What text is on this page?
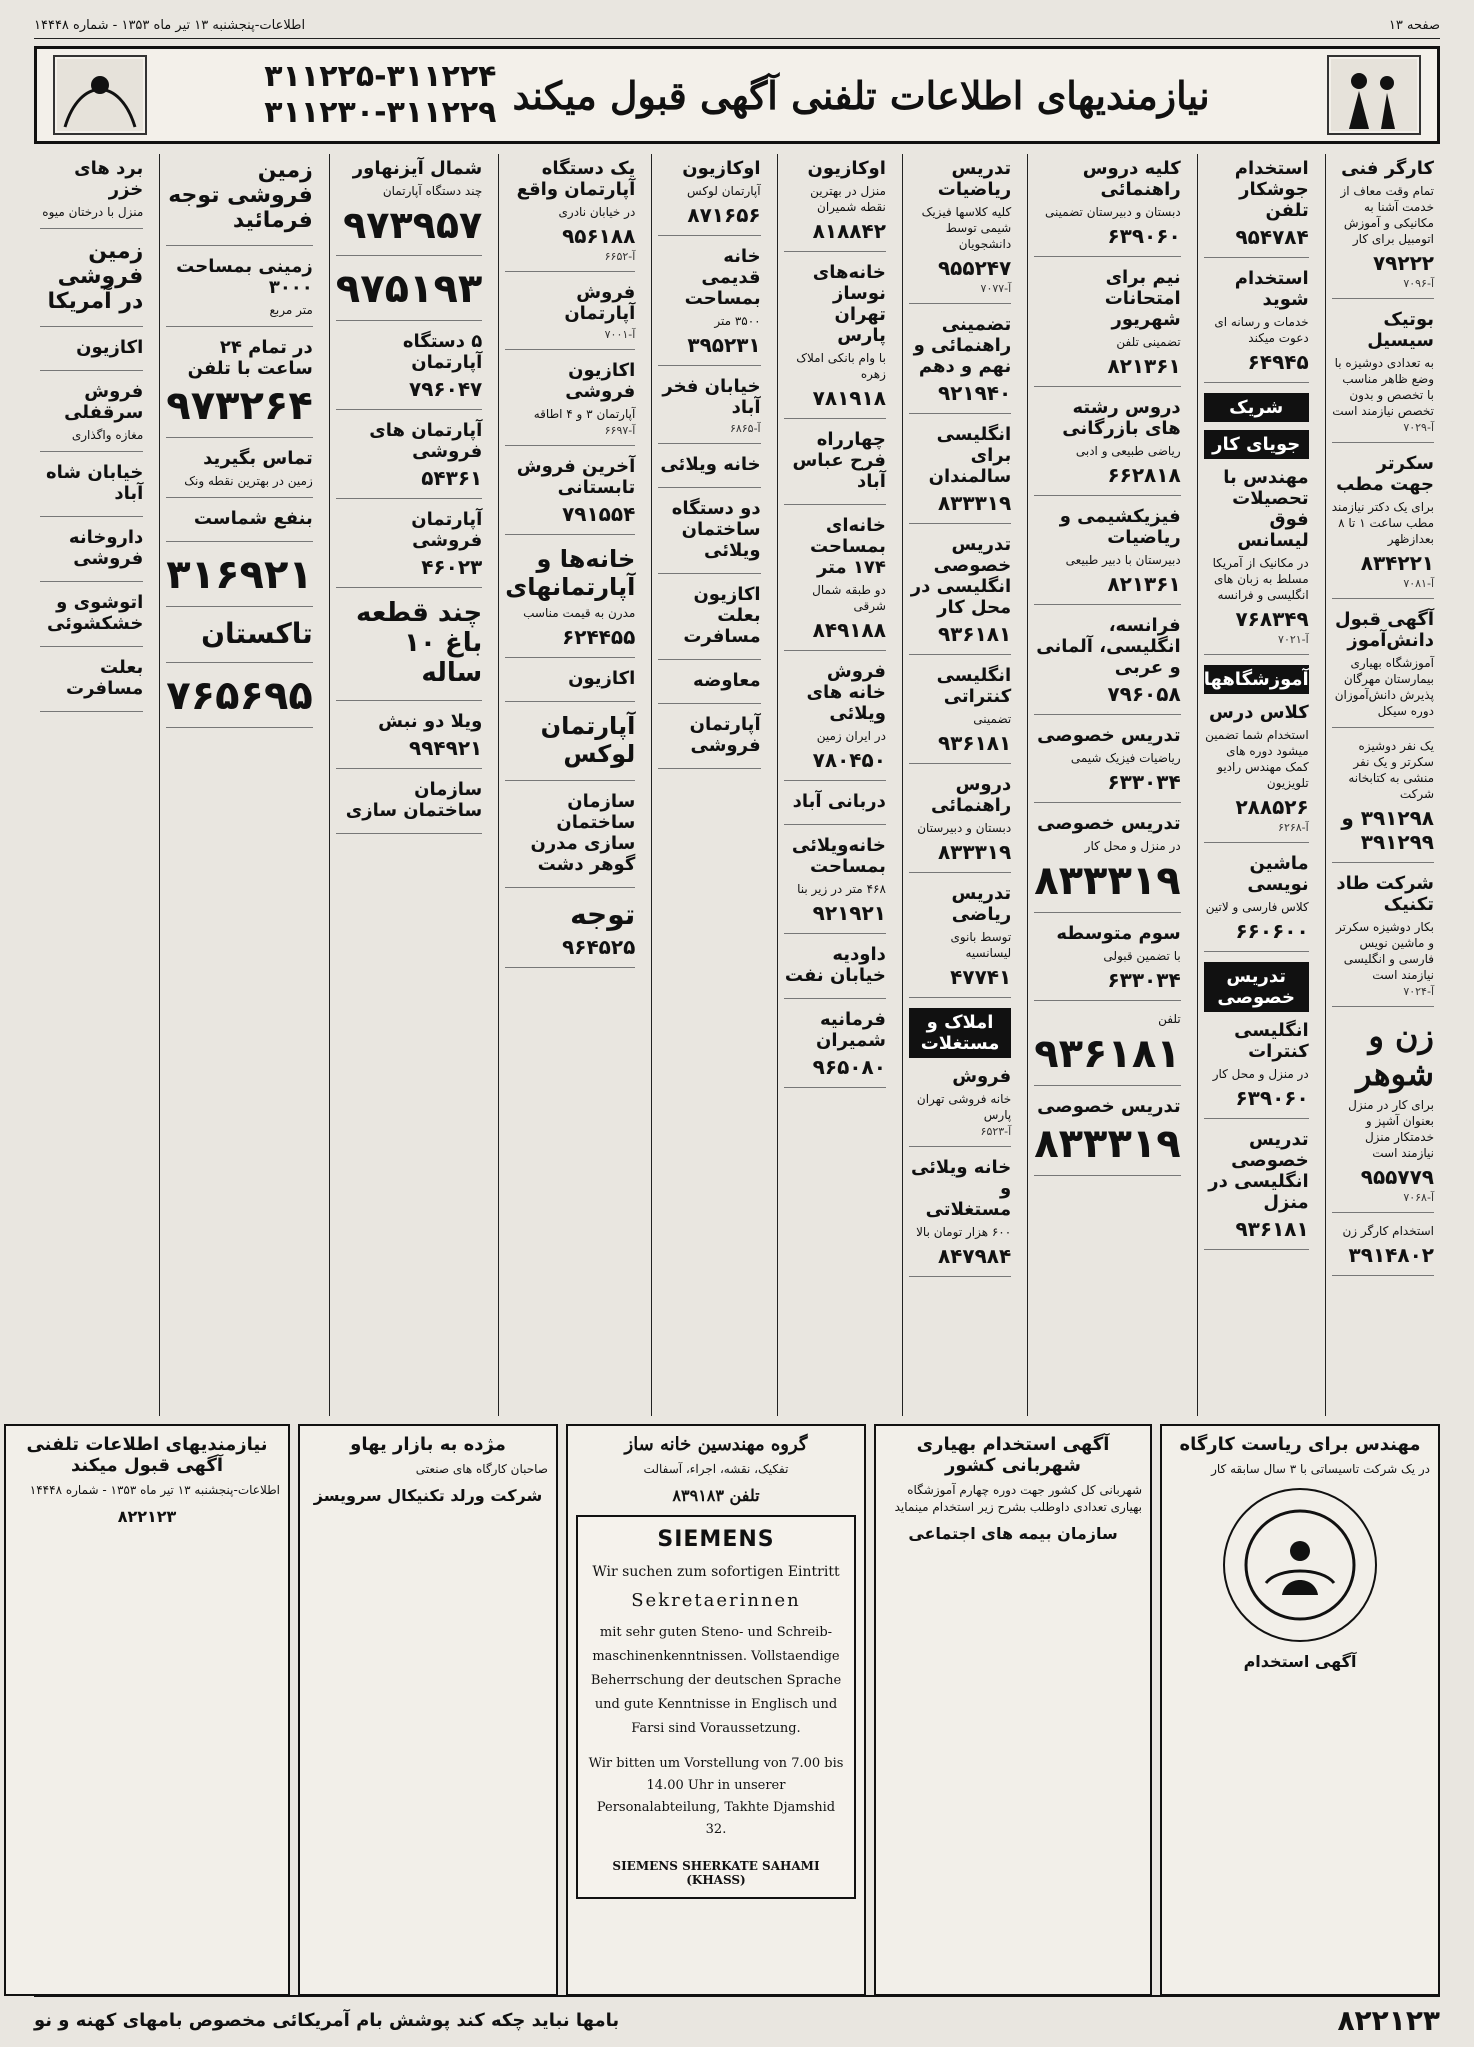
صفحه ۱۳
اطلاعات-پنجشنبه ۱۳ تیر ماه ۱۳۵۳ - شماره ۱۴۴۴۸
نیازمندیهای اطلاعات تلفنی آگهی قبول میکند
۳۱۱۲۲۵-۳۱۱۲۲۴
۳۱۱۲۳۰-۳۱۱۲۲۹
کارگر فنی
تمام وقت معاف از خدمت آشنا به مکانیکی و آموزش اتومبیل برای کار
۷۹۲۲۲
آ-۷۰۹۶
بوتیک سیسیل
به تعدادی دوشیزه با وضع ظاهر مناسب با تخصص و بدون تخصص نیازمند است
آ-۷۰۲۹
سکرتر جهت مطب
برای یک دکتر نیازمند مطب ساعت ۱ تا ۸ بعدازظهر
۸۳۴۲۲۱
آ-۷۰۸۱
آگهی قبول دانش‌آموز
آموزشگاه بهیاری بیمارستان مهرگان پذیرش دانش‌آموزان دوره سیکل
یک نفر دوشیزه سکرتر و یک نفر منشی به کتابخانه شرکت
۳۹۱۲۹۸ و ۳۹۱۲۹۹
شرکت طاد تکنیک
بکار دوشیزه سکرتر و ماشین نویس فارسی و انگلیسی نیازمند است
آ-۷۰۲۴
زن و شوهر
برای کار در منزل بعنوان آشپز و خدمتکار منزل نیازمند است
۹۵۵۷۷۹
آ-۷۰۶۸
استخدام کارگر زن
۳۹۱۴۸۰۲
استخدام جوشکار تلفن
۹۵۴۷۸۴
استخدام شوید
خدمات و رسانه ای دعوت میکند
۶۴۹۴۵
شریک
جویای کار
مهندس با تحصیلات فوق لیسانس
در مکانیک از آمریکا مسلط به زبان های انگلیسی و فرانسه
۷۶۸۳۴۹
آ-۷۰۲۱
آموزشگاهها
کلاس درس
استخدام شما تضمین میشود دوره های کمک مهندس رادیو تلویزیون
۲۸۸۵۲۶
آ-۶۲۶۸
ماشین نویسی
کلاس فارسی و لاتین
۶۶۰۶۰۰
تدریس خصوصی
انگلیسی کنترات
در منزل و محل کار
۶۳۹۰۶۰
تدریس خصوصی انگلیسی در منزل
۹۳۶۱۸۱
کلیه دروس راهنمائی
دبستان و دبیرستان تضمینی
۶۳۹۰۶۰
نیم برای امتحانات شهریور
تضمینی تلفن
۸۲۱۳۶۱
دروس رشته های بازرگانی
ریاضی طبیعی و ادبی
۶۶۲۸۱۸
فیزیکشیمی و ریاضیات
دبیرستان با دبیر طبیعی
۸۲۱۳۶۱
فرانسه، انگلیسی، آلمانی و عربی
۷۹۶۰۵۸
تدریس خصوصی
ریاضیات فیزیک شیمی
۶۳۳۰۳۴
تدریس خصوصی
در منزل و محل کار
۸۳۳۳۱۹
سوم متوسطه
با تضمین قبولی
۶۳۳۰۳۴
تلفن
۹۳۶۱۸۱
تدریس خصوصی
۸۳۳۳۱۹
تدریس ریاضیات
کلیه کلاسها فیزیک شیمی توسط دانشجویان
۹۵۵۲۴۷
آ-۷۰۷۷
تضمینی راهنمائی و نهم و دهم
۹۲۱۹۴۰
انگلیسی برای سالمندان
۸۳۳۳۱۹
تدریس خصوصی انگلیسی در محل کار
۹۳۶۱۸۱
انگلیسی کنتراتی
تضمینی
۹۳۶۱۸۱
دروس راهنمائی
دبستان و دبیرستان
۸۳۳۳۱۹
تدریس ریاضی
توسط بانوی لیسانسیه
۴۷۷۴۱
املاک و مستغلات
فروش
خانه فروشی تهران پارس
آ-۶۵۲۳
خانه ویلائی و مستغلاتی
۶۰۰ هزار تومان بالا
۸۴۷۹۸۴
اوکازیون
منزل در بهترین نقطه شمیران
۸۱۸۸۴۲
خانه‌های نوساز تهران پارس
با وام بانکی املاک زهره
۷۸۱۹۱۸
چهارراه فرح عباس آباد
خانه‌ای بمساحت ۱۷۴ متر
دو طبقه شمال شرقی
۸۴۹۱۸۸
فروش خانه های ویلائی
در ایران زمین
۷۸۰۴۵۰
دربانی آباد
خانه‌ویلائی بمساحت
۴۶۸ متر در زیر بنا
۹۲۱۹۲۱
داودیه خیابان نفت
فرمانیه شمیران
۹۶۵۰۸۰
اوکازیون
آپارتمان لوکس
۸۷۱۶۵۶
خانه قدیمی بمساحت
۳۵۰۰ متر
۳۹۵۲۳۱
خیابان فخر آباد
آ-۶۸۶۵
خانه ویلائی
دو دستگاه ساختمان ویلائی
اکازیون بعلت مسافرت
معاوضه
آپارتمان فروشی
یک دستگاه آپارتمان واقع
در خیابان نادری
۹۵۶۱۸۸
آ-۶۶۵۲
فروش آپارتمان
آ-۷۰۰۱
اکازیون فروشی
آپارتمان ۳ و ۴ اطاقه
آ-۶۶۹۷
آخرین فروش تابستانی
۷۹۱۵۵۴
خانه‌ها و آپارتمانهای
مدرن به قیمت مناسب
۶۲۴۴۵۵
اکازیون
آپارتمان لوکس
سازمان ساختمان سازی مدرن گوهر دشت
توجه
۹۶۴۵۲۵
شمال آیزنهاور
چند دستگاه آپارتمان
۹۷۳۹۵۷
۹۷۵۱۹۳
۵ دستگاه آپارتمان
۷۹۶۰۴۷
آپارتمان های فروشی
۵۴۳۶۱
آپارتمان فروشی
۴۶۰۲۳
چند قطعه باغ ۱۰ ساله
ویلا دو نبش
۹۹۴۹۲۱
سازمان ساختمان سازی
زمین فروشی توجه فرمائید
زمینی بمساحت ۳۰۰۰
متر مربع
در تمام ۲۴ ساعت با تلفن
۹۷۳۲۶۴
تماس بگیرید
زمین در بهترین نقطه ونک
بنفع شماست
۳۱۶۹۲۱
تاکستان
۷۶۵۶۹۵
برد های خزر
منزل با درختان میوه
زمین فروشی در آمریکا
اکازیون
فروش سرقفلی
مغازه واگذاری
خیابان شاه آباد
داروخانه فروشی
اتوشوی و خشکشوئی
بعلت مسافرت
مهندس برای ریاست کارگاه
در یک شرکت تاسیساتی با ۳ سال سابقه کار
آگهی استخدام
آگهی استخدام بهیاری شهربانی کشور
شهربانی کل کشور جهت دوره چهارم آموزشگاه بهیاری تعدادی داوطلب بشرح زیر استخدام مینماید
سازمان بیمه های اجتماعی
گروه مهندسین خانه ساز
تفکیک، نقشه، اجراء، آسفالت
تلفن ۸۳۹۱۸۳
SIEMENS
Wir suchen zum sofortigen Eintritt
Sekretaerinnen
mit sehr guten Steno- und Schreib- maschinenkenntnissen. Vollstaendige Beherrschung der deutschen Sprache und gute Kenntnisse in Englisch und Farsi sind Voraussetzung.
Wir bitten um Vorstellung von 7.00 bis 14.00 Uhr in unserer Personalabteilung, Takhte Djamshid 32.
SIEMENS SHERKATE SAHAMI (KHASS)
مژده به بازار یهاو
صاحبان کارگاه های صنعتی
شرکت ورلد تکنیکال سرویسز
نیازمندیهای اطلاعات تلفنی آگهی قبول میکند
اطلاعات-پنجشنبه ۱۳ تیر ماه ۱۳۵۳ - شماره ۱۴۴۴۸
۸۲۲۱۲۳
۸۲۲۱۲۳
بامها نباید چکه کند پوشش بام آمریکائی مخصوص بامهای کهنه و نو
